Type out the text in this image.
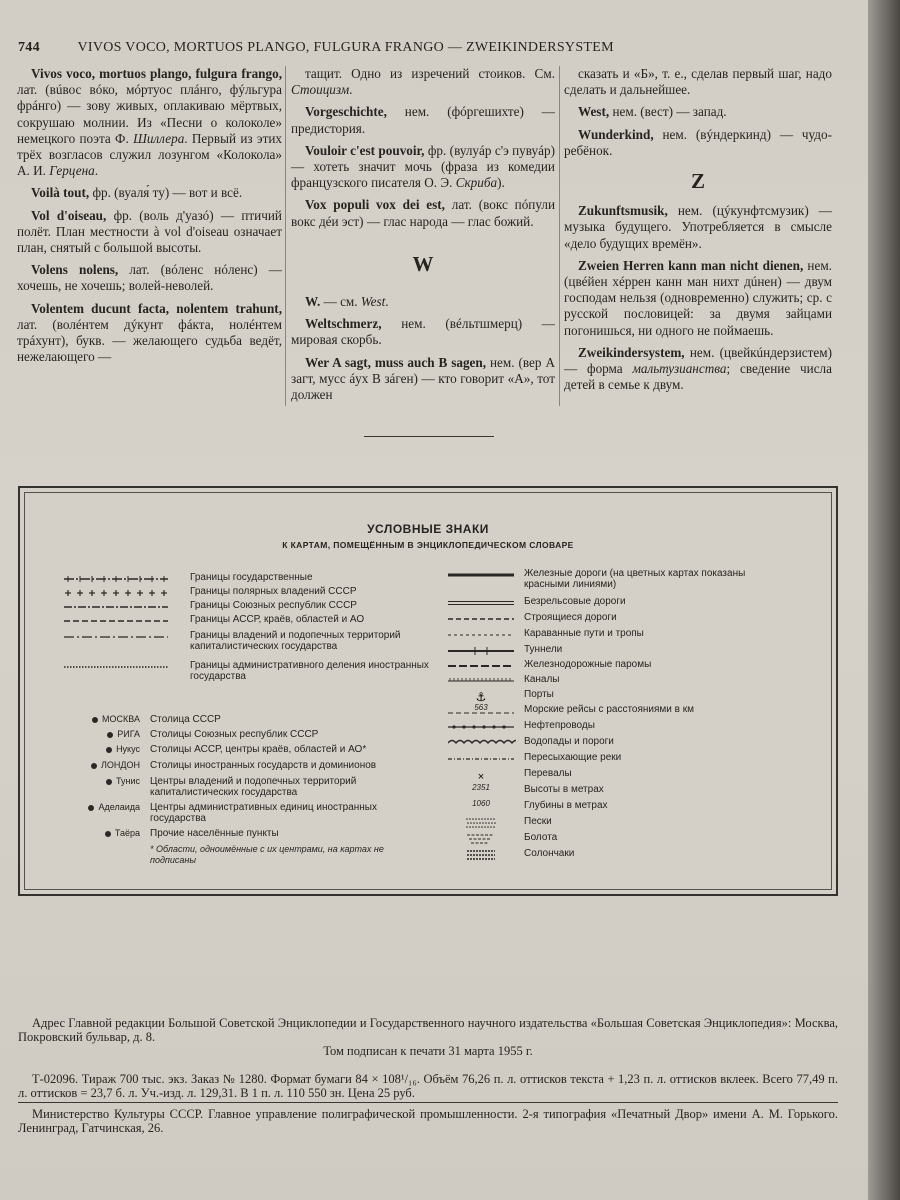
744	VIVOS VOCO, MORTUOS PLANGO, FULGURA FRANGO — ZWEIKINDERSYSTEM
Vivos voco, mortuos plango, fulgura frango, лат. (вúвос вóко, мóртуос плáнго, фýльгура фрáнго) — зову живых, оплакиваю мёртвых, сокрушаю молнии. Из «Песни о колоколе» немецкого поэта Ф. Шиллера. Первый из этих трёх возгласов служил лозунгом «Колокола» А. И. Герцена.
Voilà tout, фр. (вуаля́ ту) — вот и всё.
Vol d'oiseau, фр. (воль д'уазó) — птичий полёт. План местности à vol d'oiseau означает план, снятый с большой высоты.
Volens nolens, лат. (вóленс нóленс) — хочешь, не хочешь; волей-неволей.
Volentem ducunt facta, nolentem trahunt, лат. (волéнтем дýкунт фáкта, нолéнтем трáхунт), букв. — желающего судьба ведёт, нежелающего —
тащит. Одно из изречений стоиков. См. Стоицизм.
Vorgeschichte, нем. (фóргешихте) — предистория.
Vouloir c'est pouvoir, фр. (вулуáр с'э пувуáр) — хотеть значит мочь (фраза из комедии французского писателя О. Э. Скриба).
Vox populi vox dei est, лат. (вокс пóпули вокс дéи эст) — глас народа — глас божий.
W
W. — см. West.
Weltschmerz, нем. (вéльтшмерц) — мировая скорбь.
Wer A sagt, muss auch B sagen, нем. (вер А загт, мусс áух В зáген) — кто говорит «А», тот должен
сказать и «Б», т. е., сделав первый шаг, надо сделать и дальнейшее.
West, нем. (вест) — запад.
Wunderkind, нем. (вýндеркинд) — чудо-ребёнок.
Z
Zukunftsmusik, нем. (цýкунфтсмузик) — музыка будущего. Употребляется в смысле «дело будущих времён».
Zweien Herren kann man nicht dienen, нем. (цвéйен хéррен канн ман нихт дúнен) — двум господам нельзя (одновременно) служить; ср. с русской пословицей: за двумя зайцами погонишься, ни одного не поймаешь.
Zweikindersystem, нем. (цвейкúндерзистем) — форма мальтузианства; сведение числа детей в семье к двум.
УСЛОВНЫЕ ЗНАКИ
К КАРТАМ, ПОМЕЩЁННЫМ В ЭНЦИКЛОПЕДИЧЕСКОМ СЛОВАРЕ
Границы государственные
Границы полярных владений СССР
Границы Союзных республик СССР
Границы АССР, краёв, областей и АО
Границы владений и подопечных территорий капиталистических государства
Границы административного деления иностранных государства
МОСКВА Столица СССР
РИГА Столицы Союзных республик СССР
Нукус Столицы АССР, центры краёв, областей и АО*
ЛОНДОН Столицы иностранных государств и доминионов
Тунис Центры владений и подопечных территорий капиталистических государства
Аделаида Центры административных единиц иностранных государства
Таёра Прочие населённые пункты
Железные дороги (на цветных картах показаны красными линиями)
Безрельсовые дороги
Строящиеся дороги
Караванные пути и тропы
Туннели
Железнодорожные паромы
Каналы
⚓	Порты
563	Морские рейсы с расстояниями в км
Нефтепроводы
Водопады и пороги
Пересыхающие реки
×	Перевалы
2351	Высоты в метрах
1060	Глубины в метрах
Пески
Болота
Солончаки
* Области, одноимённые с их центрами, на картах не подписаны
Адрес Главной редакции Большой Советской Энциклопедии и Государственного научного издательства «Большая Советская Энциклопедия»: Москва, Покровский бульвар, д. 8.
Том подписан к печати 31 марта 1955 г.
Т-02096. Тираж 700 тыс. экз. Заказ № 1280. Формат бумаги 84 × 108¹/₁₆. Объём 76,26 п. л. оттисков текста + 1,23 п. л. оттисков вклеек. Всего 77,49 п. л. оттисков = 23,7 б. л. Уч.-изд. л. 129,31. В 1 п. л. 110 550 зн. Цена 25 руб.
Министерство Культуры СССР. Главное управление полиграфической промышленности. 2-я типография «Печатный Двор» имени А. М. Горького. Ленинград, Гатчинская, 26.
